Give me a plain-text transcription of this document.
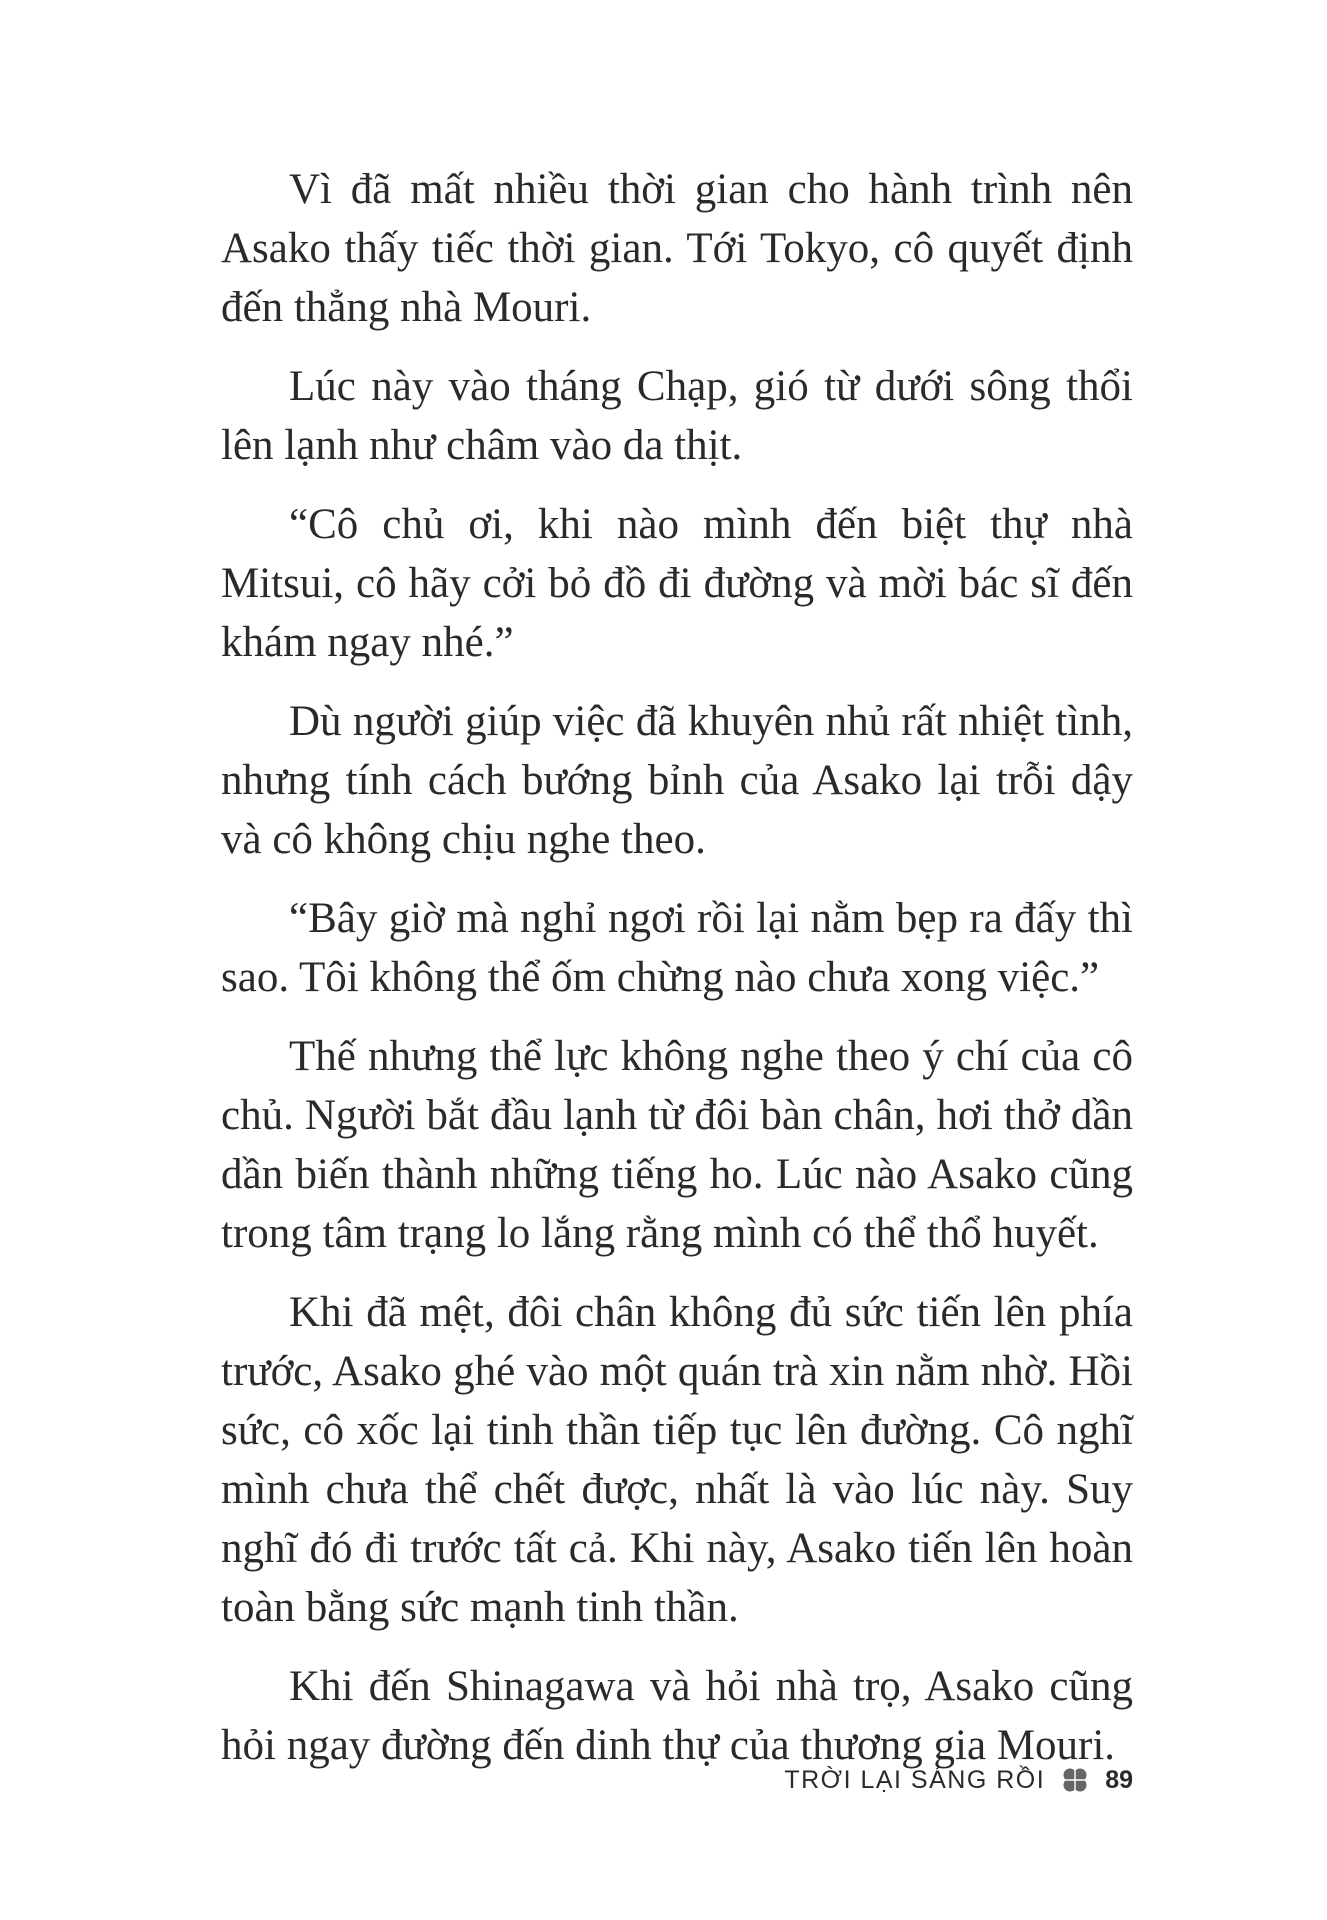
Vì đã mất nhiều thời gian cho hành trình nên Asako thấy tiếc thời gian. Tới Tokyo, cô quyết định đến thẳng nhà Mouri.

Lúc này vào tháng Chạp, gió từ dưới sông thổi lên lạnh như châm vào da thịt.

“Cô chủ ơi, khi nào mình đến biệt thự nhà Mitsui, cô hãy cởi bỏ đồ đi đường và mời bác sĩ đến khám ngay nhé.”

Dù người giúp việc đã khuyên nhủ rất nhiệt tình, nhưng tính cách bướng bỉnh của Asako lại trỗi dậy và cô không chịu nghe theo.

“Bây giờ mà nghỉ ngơi rồi lại nằm bẹp ra đấy thì sao. Tôi không thể ốm chừng nào chưa xong việc.”

Thế nhưng thể lực không nghe theo ý chí của cô chủ. Người bắt đầu lạnh từ đôi bàn chân, hơi thở dần dần biến thành những tiếng ho. Lúc nào Asako cũng trong tâm trạng lo lắng rằng mình có thể thổ huyết.

Khi đã mệt, đôi chân không đủ sức tiến lên phía trước, Asako ghé vào một quán trà xin nằm nhờ. Hồi sức, cô xốc lại tinh thần tiếp tục lên đường. Cô nghĩ mình chưa thể chết được, nhất là vào lúc này. Suy nghĩ đó đi trước tất cả. Khi này, Asako tiến lên hoàn toàn bằng sức mạnh tinh thần.

Khi đến Shinagawa và hỏi nhà trọ, Asako cũng hỏi ngay đường đến dinh thự của thương gia Mouri.

TRỜI LẠI SÁNG RỒI 89
